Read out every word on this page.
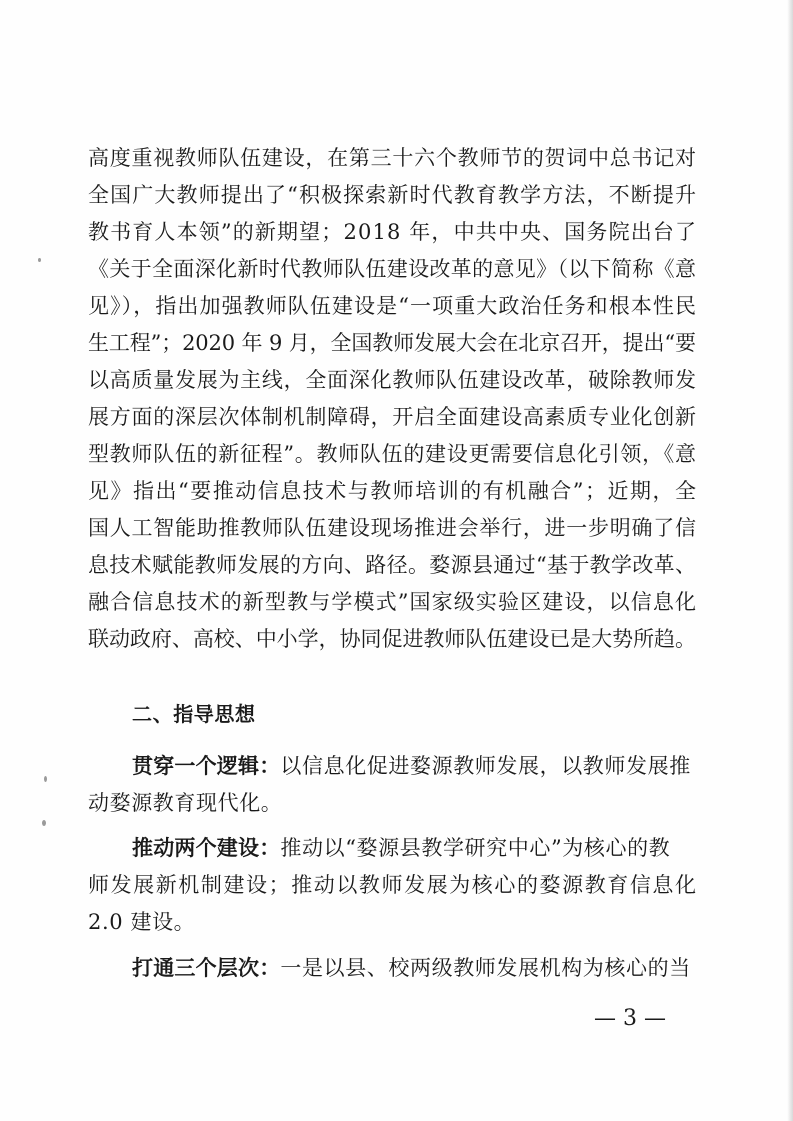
高度重视教师队伍建设，在第三十六个教师节的贺词中总书记对
全国广大教师提出了“积极探索新时代教育教学方法，不断提升
教书育人本领”的新期望；2018 年，中共中央、国务院出台了
《关于全面深化新时代教师队伍建设改革的意见》（以下简称《意
见》），指出加强教师队伍建设是“一项重大政治任务和根本性民
生工程”；2020 年 9 月，全国教师发展大会在北京召开，提出“要
以高质量发展为主线，全面深化教师队伍建设改革，破除教师发
展方面的深层次体制机制障碍，开启全面建设高素质专业化创新
型教师队伍的新征程”。教师队伍的建设更需要信息化引领，《意
见》指出“要推动信息技术与教师培训的有机融合”；近期，全
国人工智能助推教师队伍建设现场推进会举行，进一步明确了信
息技术赋能教师发展的方向、路径。婺源县通过“基于教学改革、
融合信息技术的新型教与学模式”国家级实验区建设，以信息化
联动政府、高校、中小学，协同促进教师队伍建设已是大势所趋。
二、指导思想
贯穿一个逻辑：以信息化促进婺源教师发展，以教师发展推
动婺源教育现代化。
推动两个建设：推动以“婺源县教学研究中心”为核心的教
师发展新机制建设；推动以教师发展为核心的婺源教育信息化
2.0 建设。
打通三个层次：一是以县、校两级教师发展机构为核心的当
— 3 —
